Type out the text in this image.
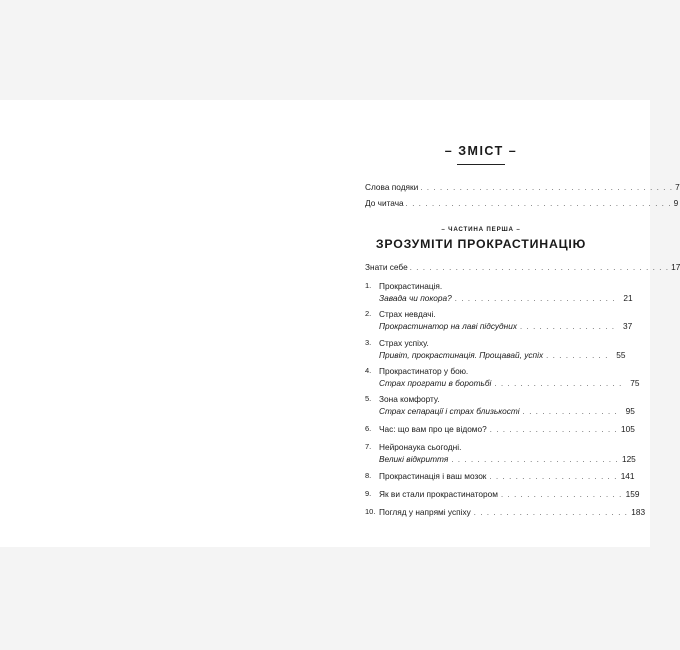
– ЗМІСТ –
Слова подяки . . . . . . . . . . . . . . . . . . . . . . . . . . . . . . . . . . . . . . . 7
До читача . . . . . . . . . . . . . . . . . . . . . . . . . . . . . . . . . . . . . . . . . 9
– ЧАСТИНА ПЕРША –
ЗРОЗУМІТИ ПРОКРАСТИНАЦІЮ
Знати себе . . . . . . . . . . . . . . . . . . . . . . . . . . . . . . . . . . . . . . . . 17
1. Прокрастинація.
Завада чи покора? . . . . . . . . . . . . . . . . . . . . . . . . . 21
2. Страх невдачі.
Прокрастинатор на лаві підсудних . . . . . . . . . . . . . . . 37
3. Страх успіху.
Привіт, прокрастинація. Прощавай, успіх . . . . . . . . . . 55
4. Прокрастинатор у бою.
Страх програти в боротьбі . . . . . . . . . . . . . . . . . . . . 75
5. Зона комфорту.
Страх сепарації і страх близькості . . . . . . . . . . . . . . . 95
6. Час: що вам про це відомо? . . . . . . . . . . . . . . . . . . . . 105
7. Нейронаука сьогодні.
Великі відкриття . . . . . . . . . . . . . . . . . . . . . . . . . . 125
8. Прокрастинація і ваш мозок . . . . . . . . . . . . . . . . . . . . 141
9. Як ви стали прокрастинатором . . . . . . . . . . . . . . . . . . . 159
10. Погляд у напрямі успіху . . . . . . . . . . . . . . . . . . . . . . . . 183
